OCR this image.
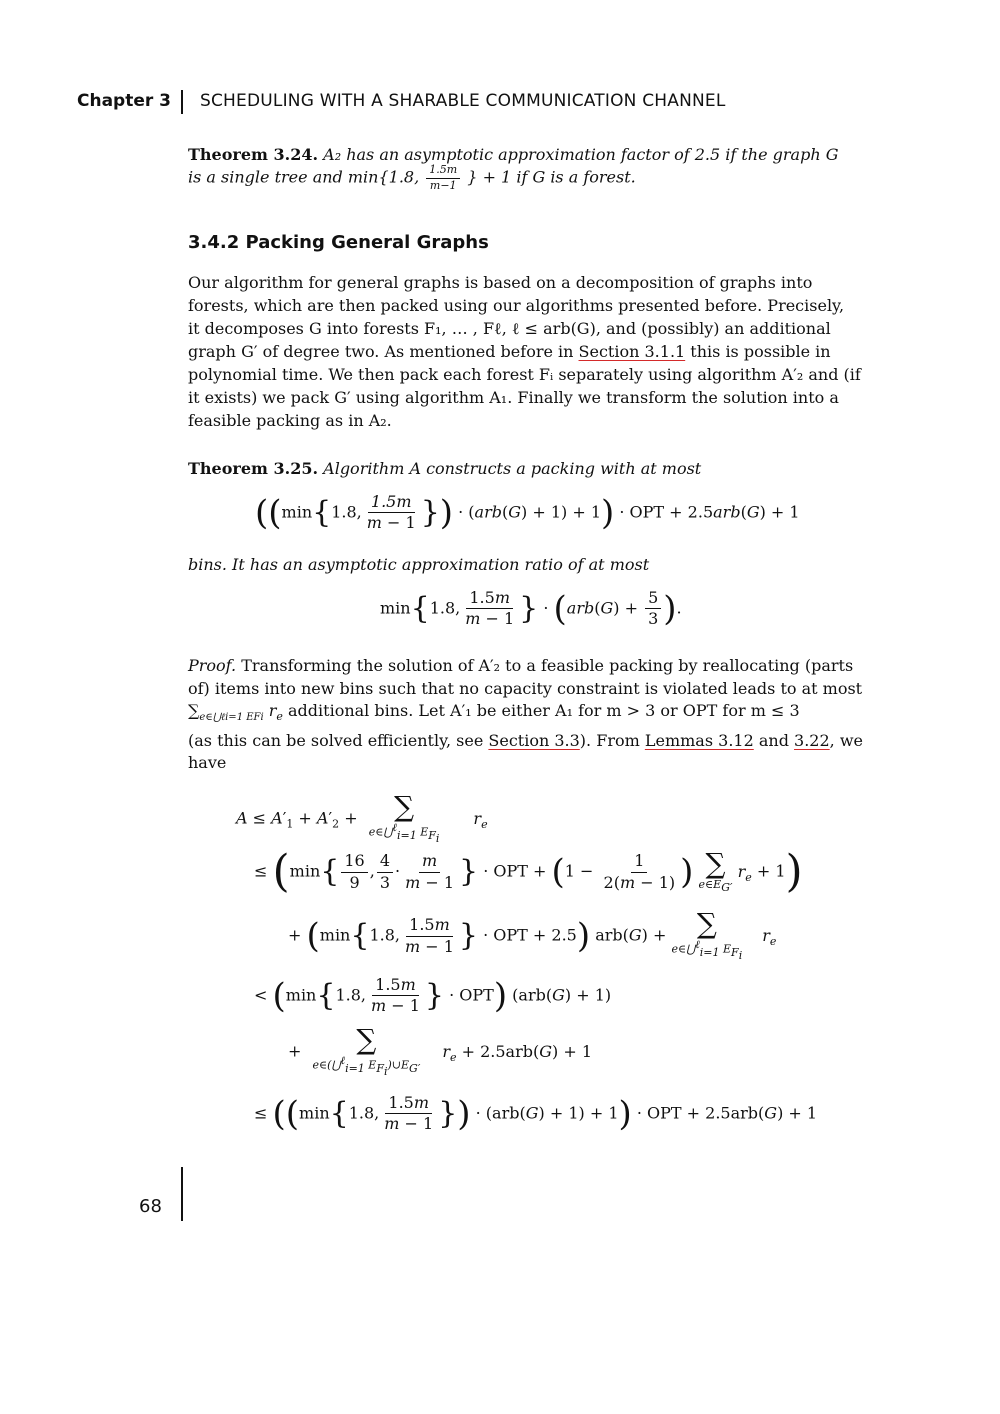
Chapter 3 SCHEDULING WITH A SHARABLE COMMUNICATION CHANNEL
Theorem 3.24. A₂ has an asymptotic approximation factor of 2.5 if the graph G
is a single tree and min{1.8, $\frac{1.5m}{m-1}$ } + 1 if G is a forest.
3.4.2 Packing General Graphs
Our algorithm for general graphs is based on a decomposition of graphs into
forests, which are then packed using our algorithms presented before. Precisely,
it decomposes G into forests F₁, … , Fℓ, ℓ ≤ arb(G), and (possibly) an additional
graph G′ of degree two. As mentioned before in Section 3.1.1 this is possible in
polynomial time. We then pack each forest Fᵢ separately using algorithm A′₂ and (if
it exists) we pack G′ using algorithm A₁. Finally we transform the solution into a
feasible packing as in A₂.
Theorem 3.25. Algorithm A constructs a packing with at most
((min{1.8, $\frac{1.5m}{m - 1}$ }) · (arb(G) + 1) + 1) · OPT + 2.5arb(G) + 1
bins. It has an asymptotic approximation ratio of at most
min{1.8, $\frac{1.5m}{m - 1}$ } · ($arb(G) + \frac{5}{3}$ ).
Proof. Transforming the solution of A′₂ to a feasible packing by reallocating (parts
of) items into new bins such that no capacity constraint is violated leads to at most
$\sum_{e\in⋃\ell i=1 EFi}$ $r_e$ additional bins. Let A′₁ be either A₁ for m > 3 or OPT for m ≤ 3
(as this can be solved efficiently, see Section 3.3). From Lemmas 3.12 and 3.22, we
have
$A \le A'_1 + A'_2$ + ∑
e∈⋃$^\ell_{i=1}$ $E_{F_i}$
$r_e$
≤ ($\min\{ \frac{16}{9}$ , $\frac{4}{3} \cdot \frac{m}{m - 1}$ } · OPT + ($1 - \frac{1}{2(m - 1)}$ ) ∑
$e\in E_{G'}$
$r_e + 1$)
+ (min{1.8, $\frac{1.5m}{m - 1}$ } · OPT + 2.5) arb(G) + ∑
e∈⋃$^\ell_{i=1}$ $E_{F_i}$
$r_e$
< (min{1.8, $\frac{1.5m}{m - 1}$ } · OPT) (arb(G) + 1)
+ ∑
e∈(⋃$^\ell_{i=1}$ $E_{F_i})\cup E_{G'}$
$r_e + 2.5arb(G) + 1$
≤ ((min{1.8, $\frac{1.5m}{m - 1}$ }) · (arb(G) + 1) + 1) · OPT + 2.5arb(G) + 1
68
